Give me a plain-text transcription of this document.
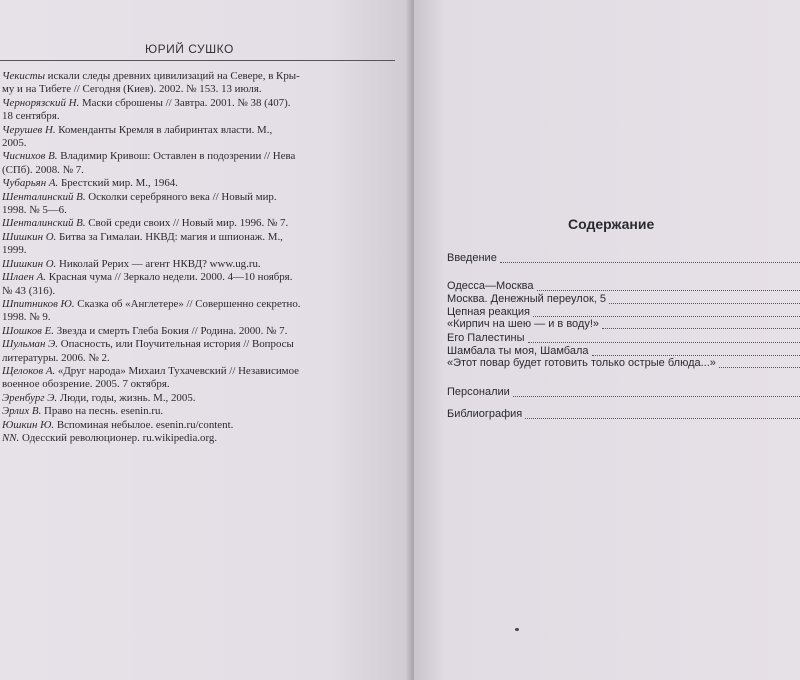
ЮРИЙ СУШКО

Чекисты искали следы древних цивилизаций на Севере, в Кры-

му и на Тибете // Сегодня (Киев). 2002. № 153. 13 июля.

Чернорязский Н. Маски сброшены // Завтра. 2001. № 38 (407).

18 сентября.

Черушев Н. Коменданты Кремля в лабиринтах власти. М.,

2005.

Чиснихов В. Владимир Кривош: Оставлен в подозрении // Нева

(СПб). 2008. № 7.

Чубарьян А. Брестский мир. М., 1964.

Шенталинский В. Осколки серебряного века // Новый мир.

1998. № 5—6.

Шенталинский В. Свой среди своих // Новый мир. 1996. № 7.

Шишкин О. Битва за Гималаи. НКВД: магия и шпионаж. М.,

1999.

Шишкин О. Николай Рерих — агент НКВД? www.ug.ru.

Шлаен А. Красная чума // Зеркало недели. 2000. 4—10 ноября.

№ 43 (316).

Шпитников Ю. Сказка об «Англетере» // Совершенно секретно.

1998. № 9.

Шошков Е. Звезда и смерть Глеба Бокия // Родина. 2000. № 7.

Шульман Э. Опасность, или Поучительная история // Вопросы

литературы. 2006. № 2.

Щелоков А. «Друг народа» Михаил Тухачевский // Независимое

военное обозрение. 2005. 7 октября.

Эренбург Э. Люди, годы, жизнь. М., 2005.

Эрлих В. Право на песнь. esenin.ru.

Юшкин Ю. Вспоминая небылое. esenin.ru/content.

NN. Одесский революционер. ru.wikipedia.org.

Содержание
Введение
Одесса—Москва
Москва. Денежный переулок, 5
Цепная реакция
«Кирпич на шею — и в воду!»
Его Палестины
Шамбала ты моя, Шамбала
«Этот повар будет готовить только острые блюда...»
Персоналии
Библиография
